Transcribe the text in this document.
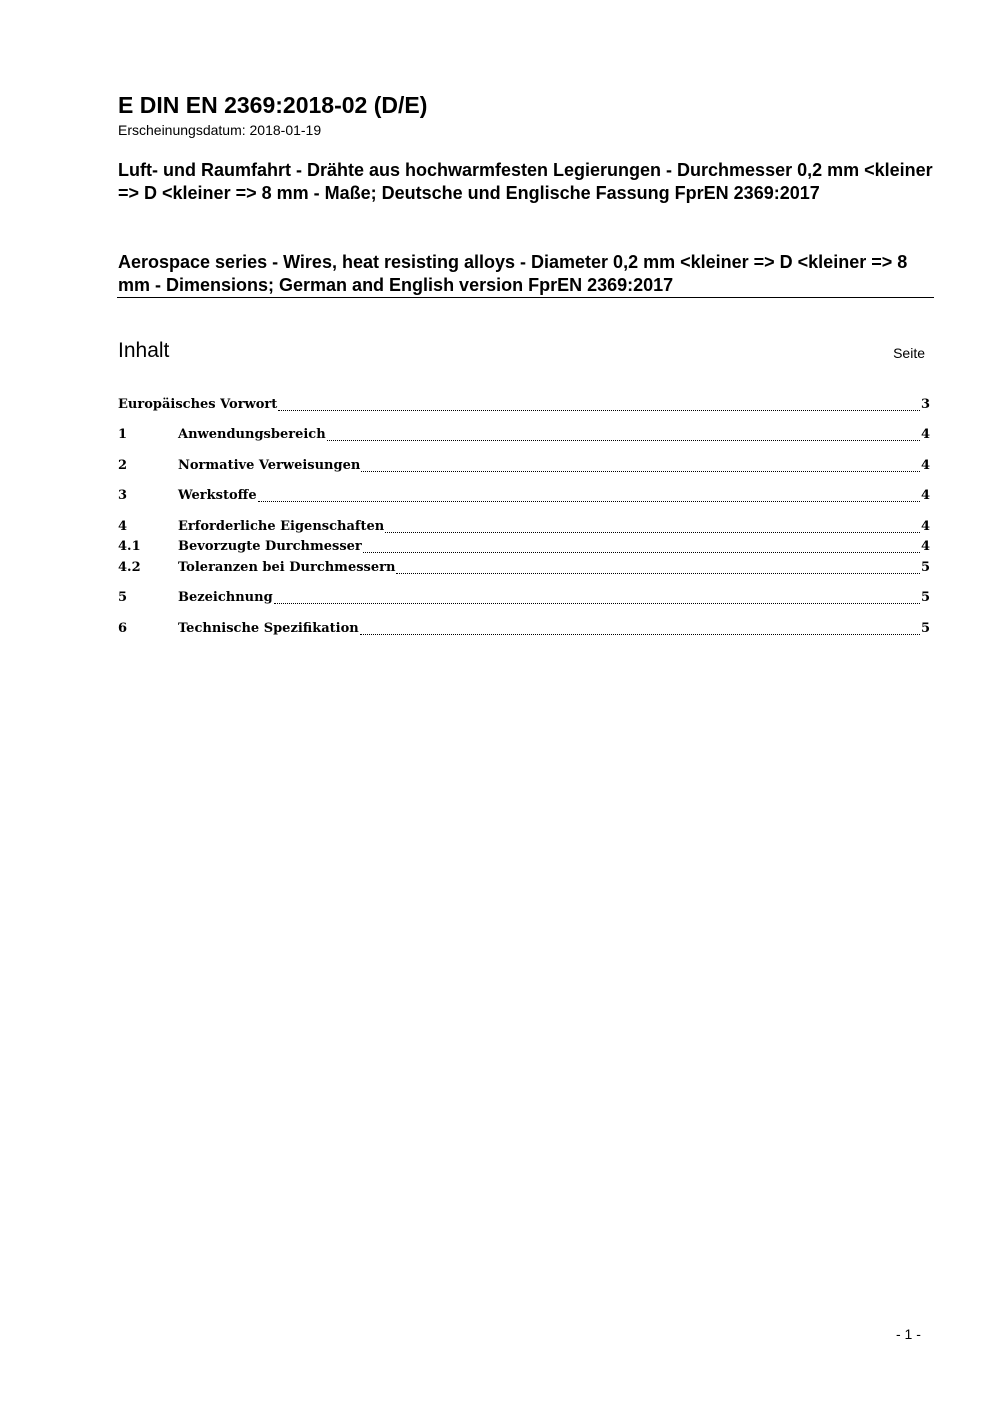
E DIN EN 2369:2018-02 (D/E)
Erscheinungsdatum: 2018-01-19
Luft- und Raumfahrt - Drähte aus hochwarmfesten Legierungen - Durchmesser 0,2 mm <kleiner => D <kleiner => 8 mm - Maße; Deutsche und Englische Fassung FprEN 2369:2017
Aerospace series - Wires, heat resisting alloys - Diameter 0,2 mm <kleiner => D <kleiner => 8 mm - Dimensions; German and English version FprEN 2369:2017
Inhalt	Seite
Europäisches Vorwort	3
1	Anwendungsbereich	4
2	Normative Verweisungen	4
3	Werkstoffe	4
4	Erforderliche Eigenschaften	4
4.1	Bevorzugte Durchmesser	4
4.2	Toleranzen bei Durchmessern	5
5	Bezeichnung	5
6	Technische Spezifikation	5
- 1 -
